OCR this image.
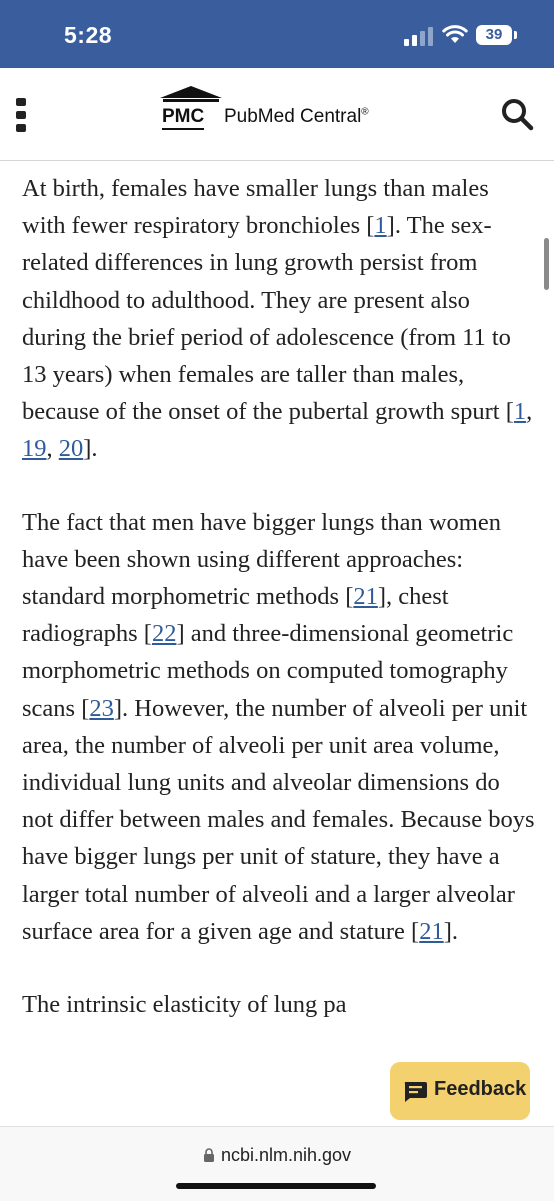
5:28	39
PMC PubMed Central®

At birth, females have smaller lungs than males with fewer respiratory bronchioles [1]. The sex-related differences in lung growth persist from childhood to adulthood. They are present also during the brief period of adolescence (from 11 to 13 years) when females are taller than males, because of the onset of the pubertal growth spurt [1, 19, 20].

The fact that men have bigger lungs than women have been shown using different approaches: standard morphometric methods [21], chest radiographs [22] and three-dimensional geometric morphometric methods on computed tomography scans [23]. However, the number of alveoli per unit area, the number of alveoli per unit area volume, individual lung units and alveolar dimensions do not differ between males and females. Because boys have bigger lungs per unit of stature, they have a larger total number of alveoli and a larger alveolar surface area for a given age and stature [21].

The intrinsic elasticity of lung pa

Feedback
ncbi.nlm.nih.gov
